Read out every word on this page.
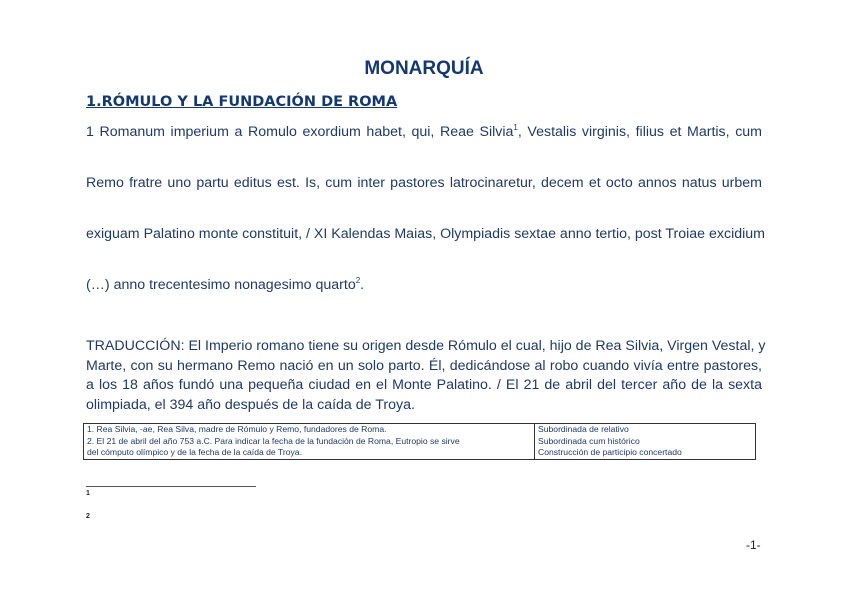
MONARQUÍA
1.RÓMULO Y LA FUNDACIÓN DE ROMA

1 Romanum imperium a Romulo exordium habet, qui, Reae Silvia$^1$, Vestalis virginis, filius et Martis, cum

Remo fratre uno partu editus est. Is, cum inter pastores latrocinaretur, decem et octo annos natus urbem

exiguam Palatino monte constituit, / XI Kalendas Maias, Olympiadis sextae anno tertio, post Troiae excidium

(…) anno trecentesimo nonagesimo quarto$^2$.

TRADUCCIÓN: El Imperio romano tiene su origen desde Rómulo el cual, hijo de Rea Silvia, Virgen Vestal, y
Marte, con su hermano Remo nació en un solo parto. Él, dedicándose al robo cuando vivía entre pastores,
a los 18 años fundó una pequeña ciudad en el Monte Palatino. / El 21 de abril del tercer año de la sexta
olimpiada, el 394 año después de la caída de Troya.
1. Rea Silvia, -ae, Rea Silva, madre de Rómulo y Remo, fundadores de Roma.	Subordinada de relativo
2. El 21 de abril del año 753 a.C. Para indicar la fecha de la fundación de Roma, Eutropio se sirve	Subordinada cum histórico
del cómputo olímpico y de la fecha de la caída de Troya.	Construcción de participio concertado
1
2
-1-
